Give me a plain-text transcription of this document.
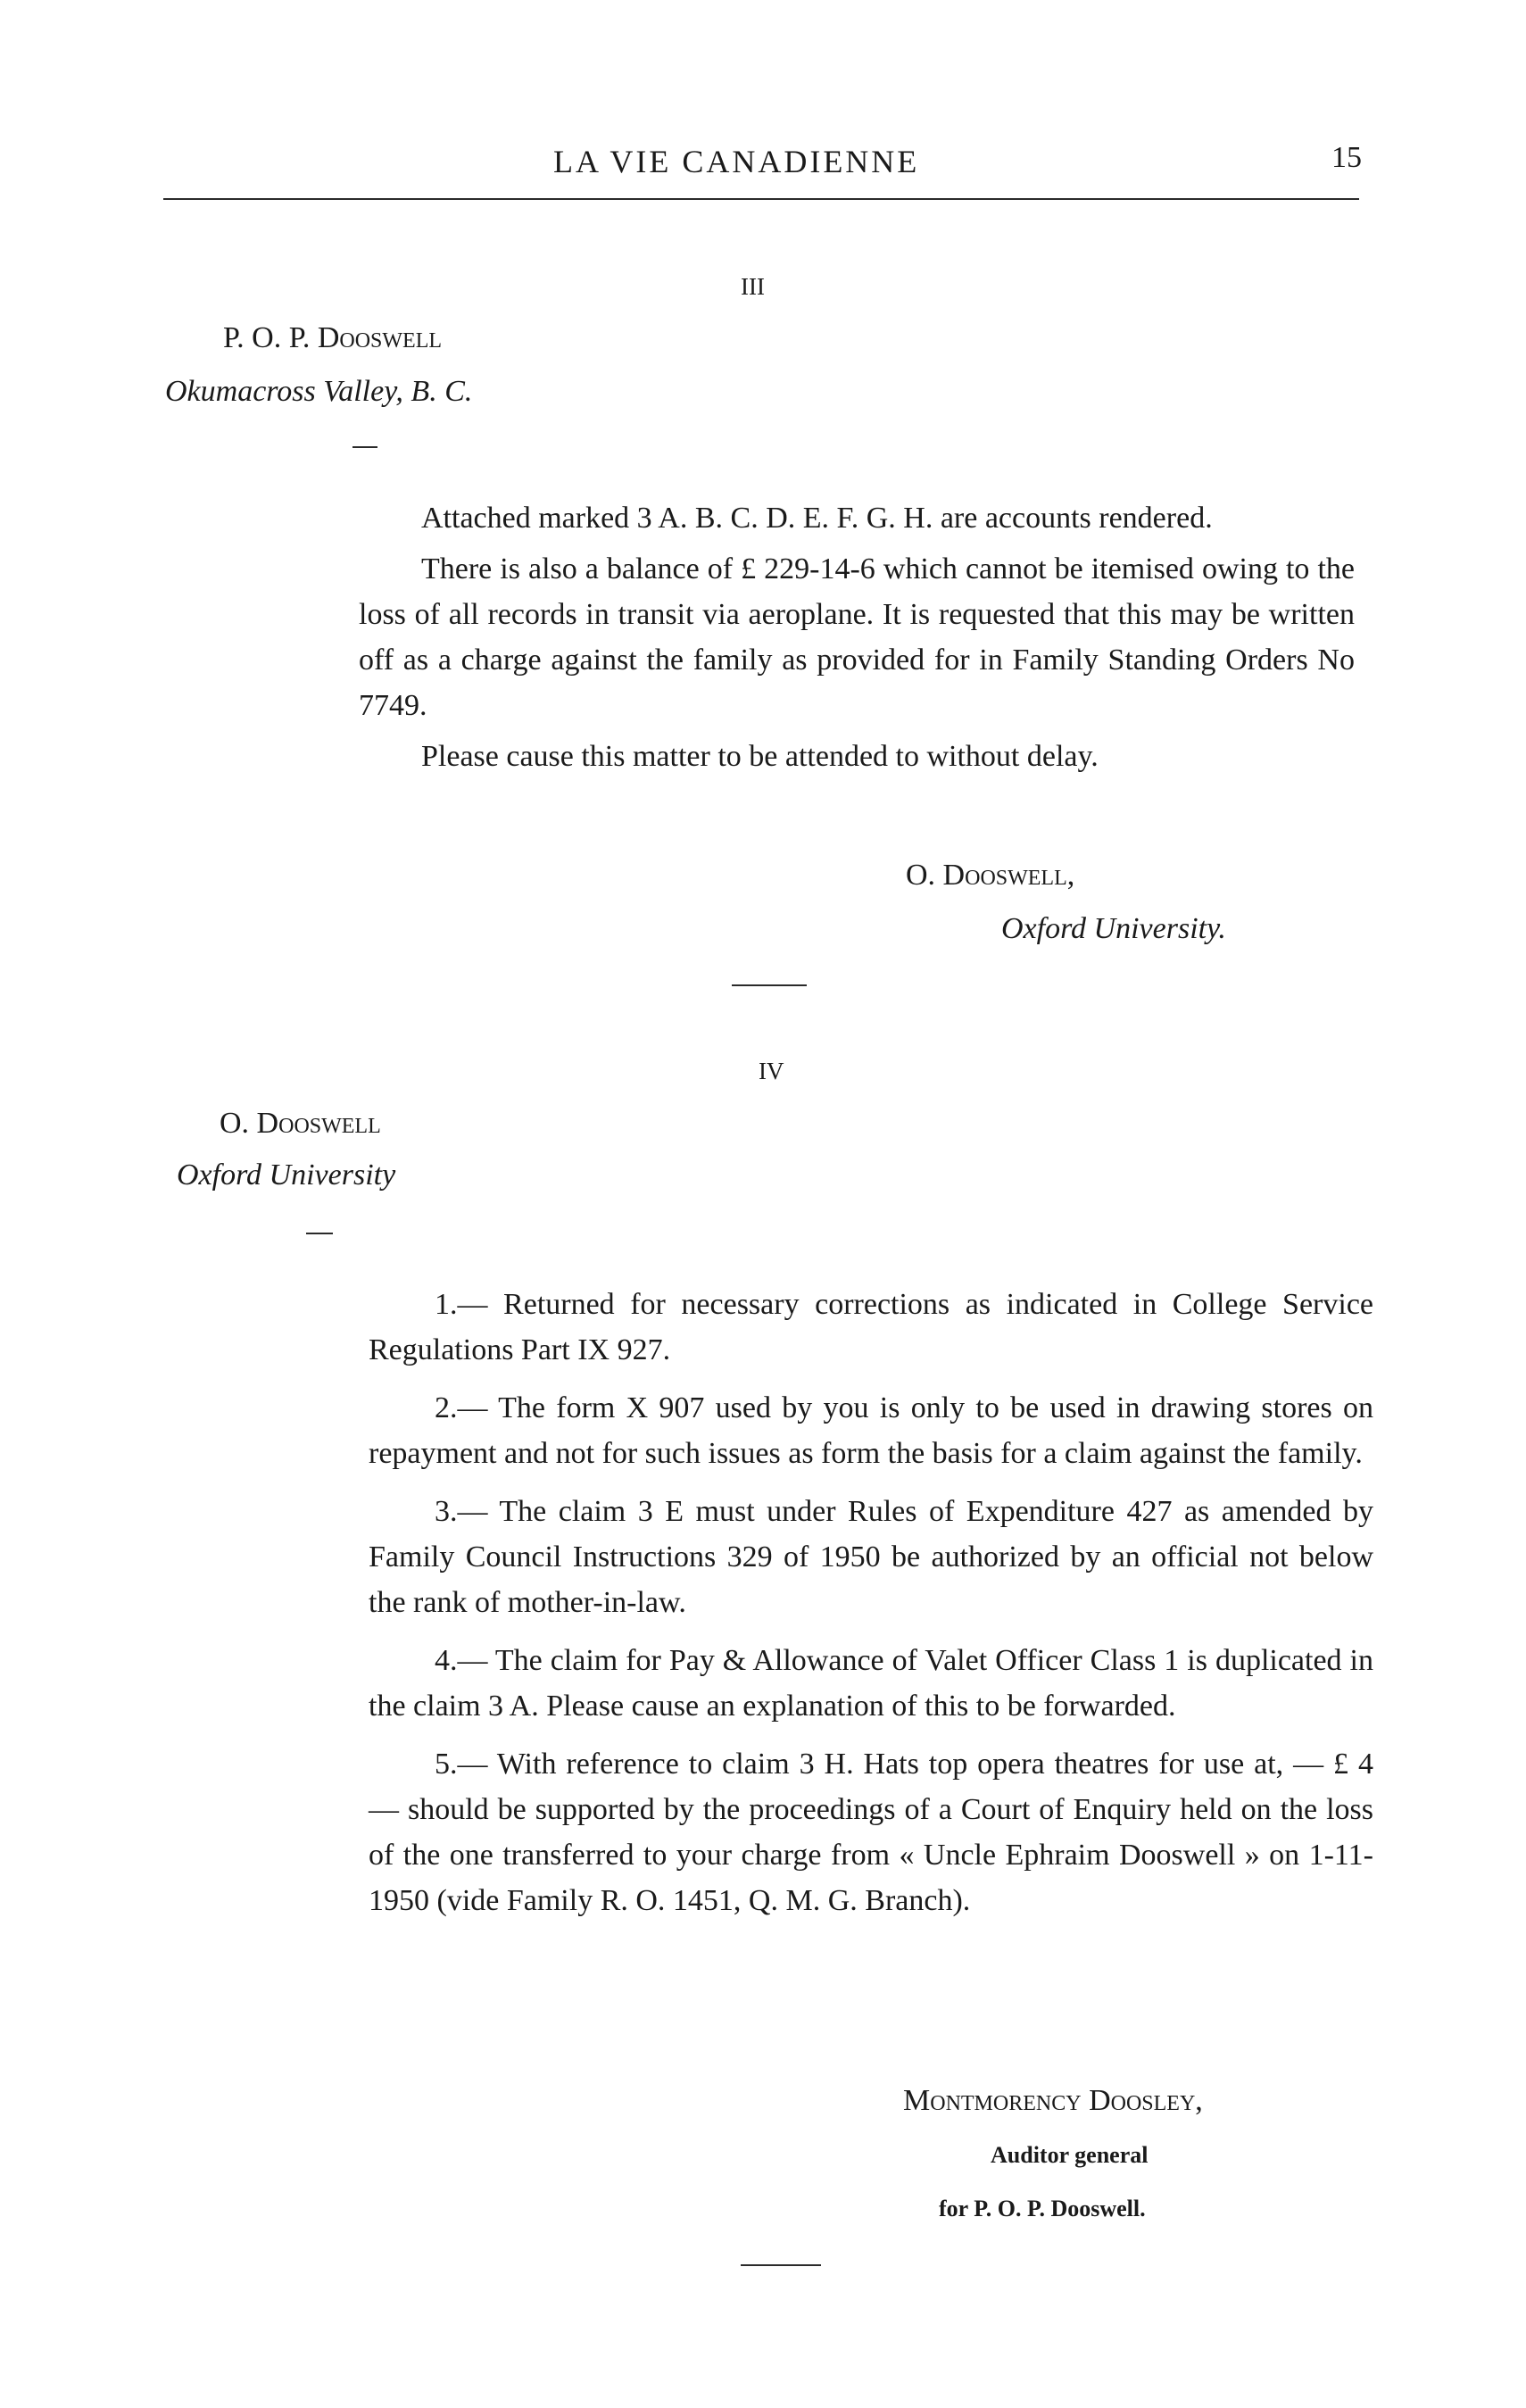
LA VIE CANADIENNE	15
III
P. O. P. Dooswell
Okumacross Valley, B. C.
Attached marked 3 A. B. C. D. E. F. G. H. are accounts rendered.
There is also a balance of £ 229-14-6 which cannot be itemised owing to the loss of all records in transit via aeroplane. It is requested that this may be written off as a charge against the family as provided for in Family Standing Orders No 7749.
Please cause this matter to be attended to without delay.
O. Dooswell,
Oxford University.
IV
O. Dooswell
Oxford University
1.— Returned for necessary corrections as indicated in College Service Regulations Part IX 927.
2.— The form X 907 used by you is only to be used in drawing stores on repayment and not for such issues as form the basis for a claim against the family.
3.— The claim 3 E must under Rules of Expenditure 427 as amended by Family Council Instructions 329 of 1950 be authorized by an official not below the rank of mother-in-law.
4.— The claim for Pay & Allowance of Valet Officer Class 1 is duplicated in the claim 3 A. Please cause an explanation of this to be forwarded.
5.— With reference to claim 3 H. Hats top opera theatres for use at, — £ 4 — should be supported by the proceedings of a Court of Enquiry held on the loss of the one transferred to your charge from « Uncle Ephraim Dooswell » on 1-11-1950 (vide Family R. O. 1451, Q. M. G. Branch).
Montmorency Doosley,
Auditor general
for P. O. P. Dooswell.
